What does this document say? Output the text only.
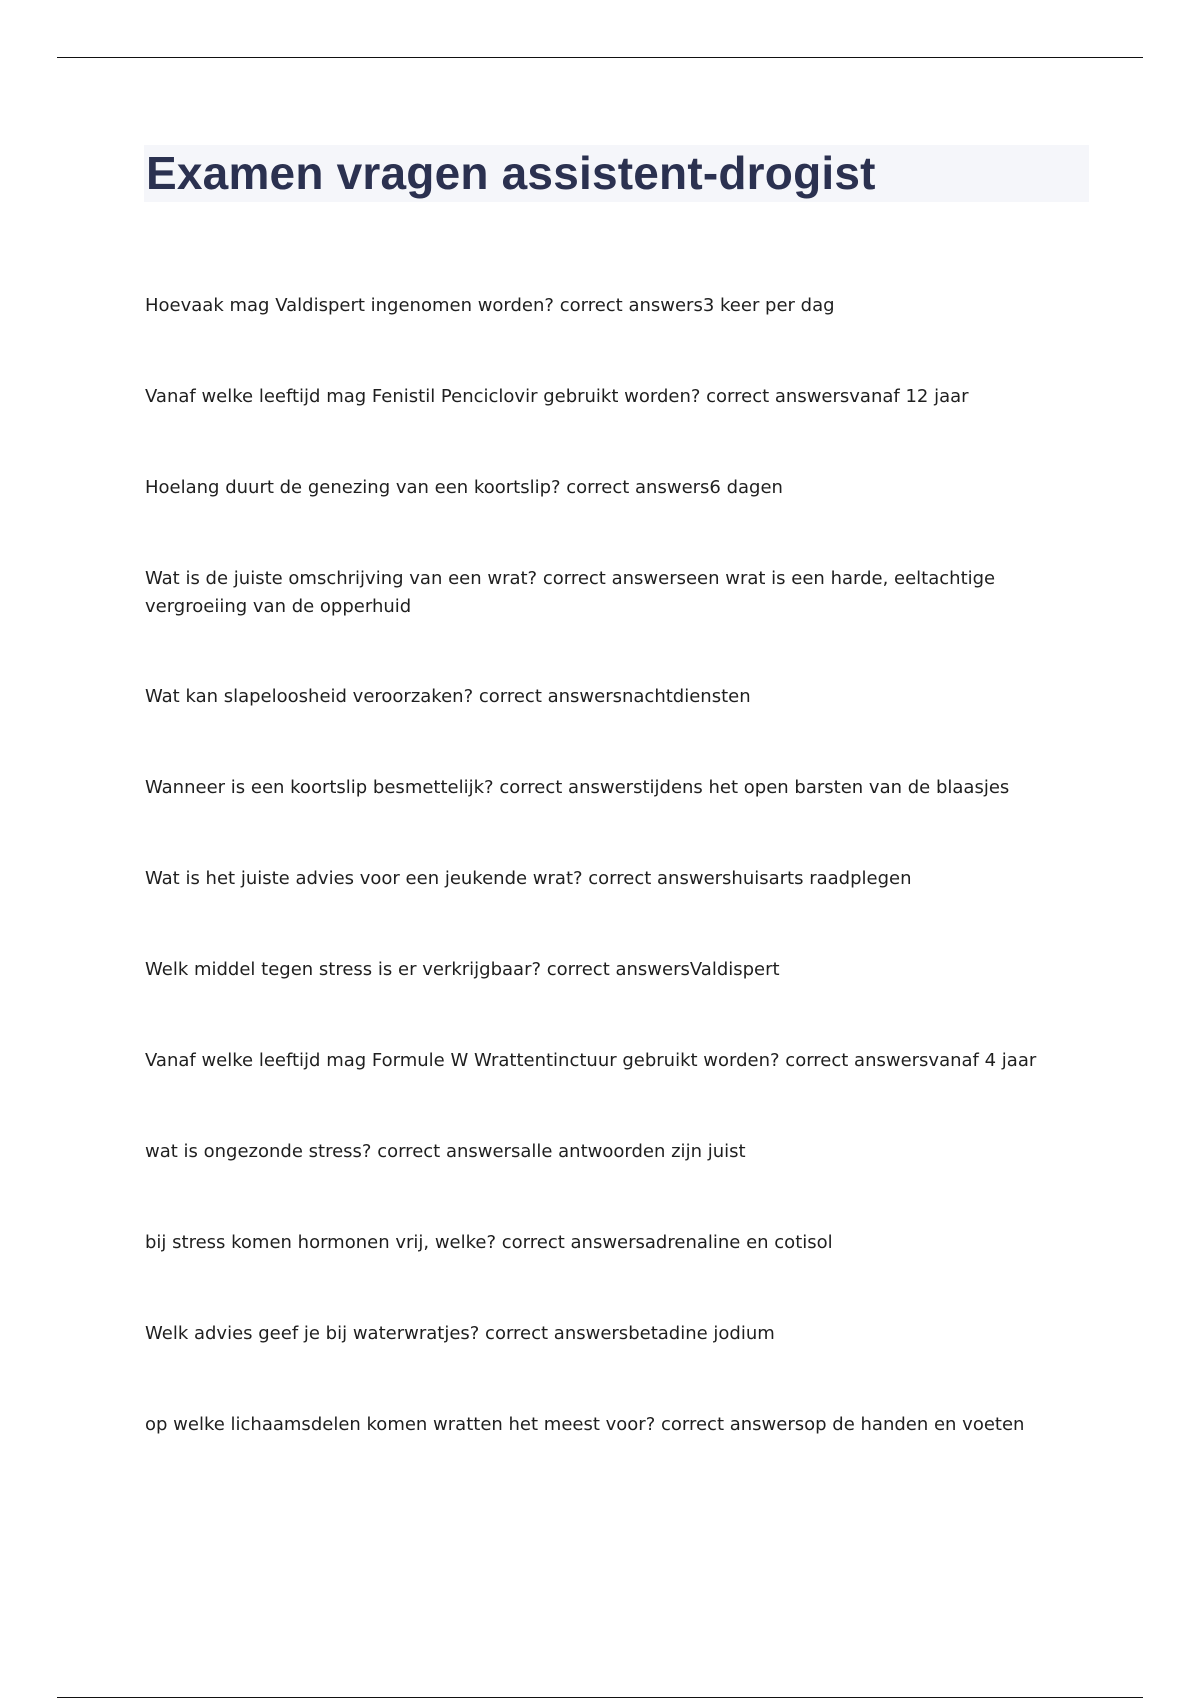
Examen vragen assistent-drogist
Hoevaak mag Valdispert ingenomen worden? correct answers3 keer per dag
Vanaf welke leeftijd mag Fenistil Penciclovir gebruikt worden? correct answersvanaf 12 jaar
Hoelang duurt de genezing van een koortslip? correct answers6 dagen
Wat is de juiste omschrijving van een wrat? correct answerseen wrat is een harde, eeltachtige vergroeiing van de opperhuid
Wat kan slapeloosheid veroorzaken? correct answersnachtdiensten
Wanneer is een koortslip besmettelijk? correct answerstijdens het open barsten van de blaasjes
Wat is het juiste advies voor een jeukende wrat? correct answershuisarts raadplegen
Welk middel tegen stress is er verkrijgbaar? correct answersValdispert
Vanaf welke leeftijd mag Formule W Wrattentinctuur gebruikt worden? correct answersvanaf 4 jaar
wat is ongezonde stress? correct answersalle antwoorden zijn juist
bij stress komen hormonen vrij, welke? correct answersadrenaline en cotisol
Welk advies geef je bij waterwratjes? correct answersbetadine jodium
op welke lichaamsdelen komen wratten het meest voor? correct answersop de handen en voeten
